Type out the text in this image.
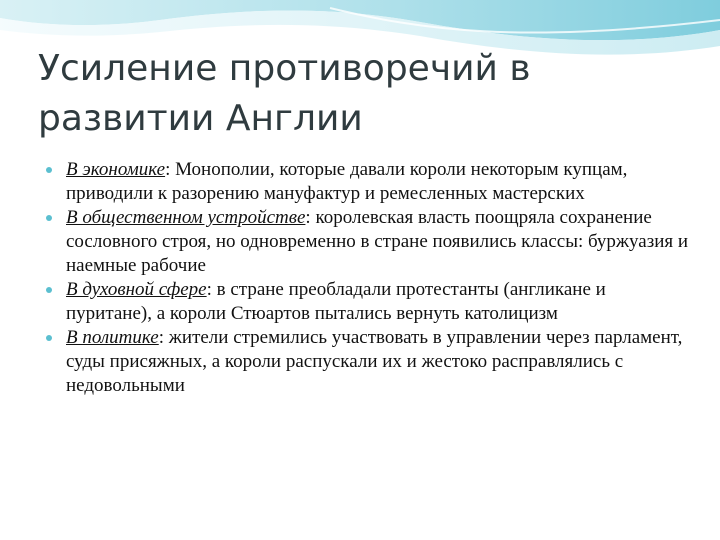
Усиление противоречий в развитии Англии
В экономике: Монополии, которые давали короли некоторым купцам, приводили к разорению мануфактур и ремесленных мастерских
В общественном устройстве: королевская власть поощряла сохранение сословного строя, но одновременно в стране появились классы: буржуазия и наемные рабочие
В духовной сфере: в стране преобладали протестанты (англикане и пуритане), а короли Стюартов пытались вернуть католицизм
В политике: жители стремились участвовать в управлении через парламент, суды присяжных, а короли распускали их и жестоко расправлялись с недовольными
